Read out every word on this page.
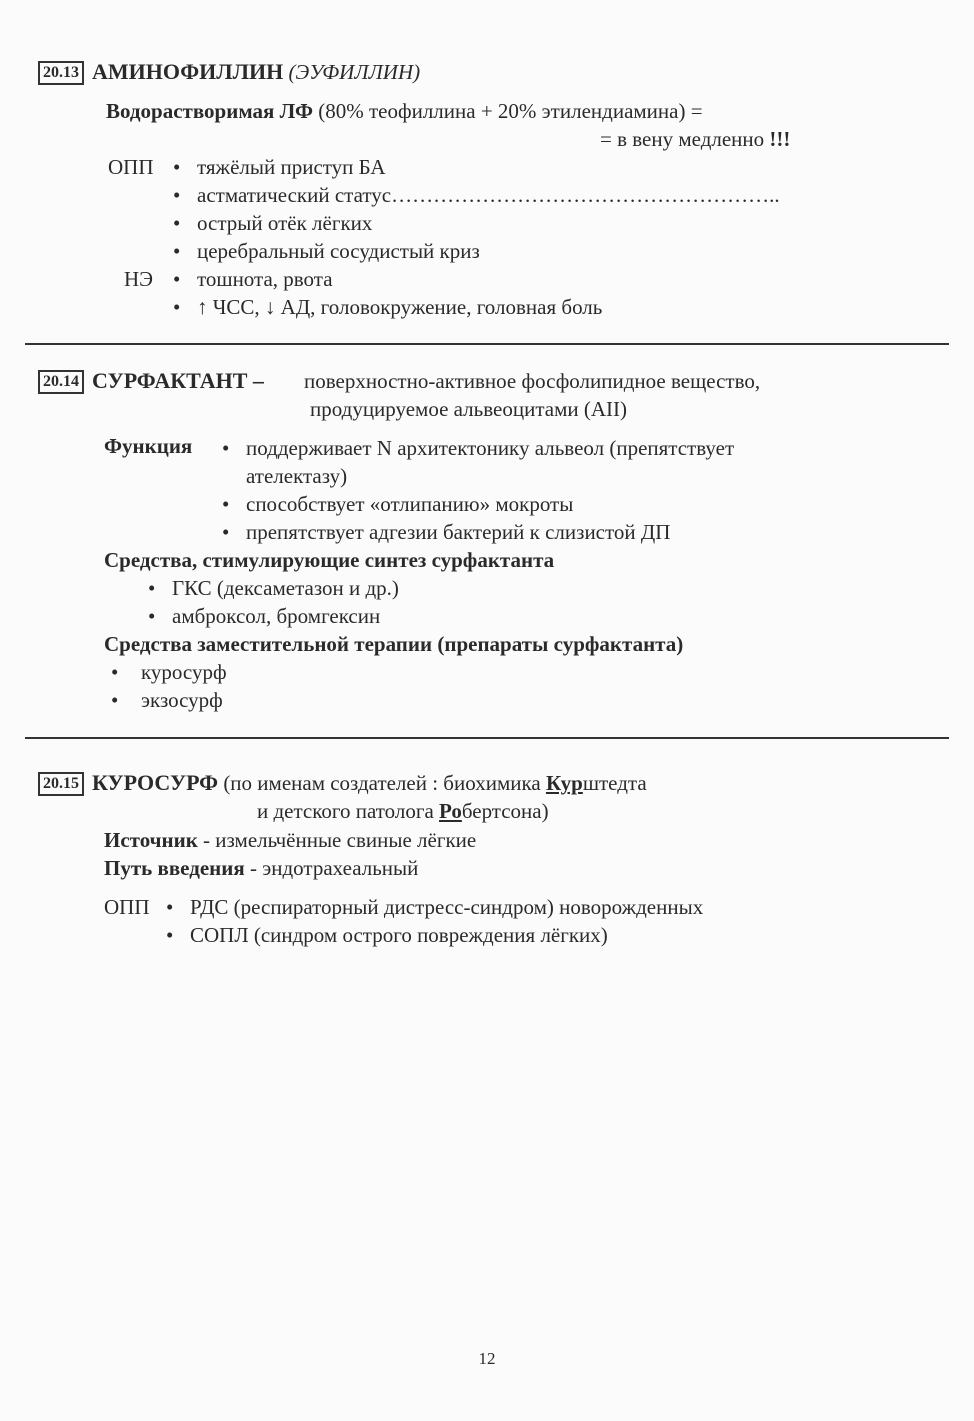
20.13 АМИНОФИЛЛИН (ЭУФИЛЛИН)
Водорастворимая ЛФ (80% теофиллина + 20% этилендиамина) =
= в вену медленно !!!
ОПП • тяжёлый приступ БА
• астматический статус………………………………………………..
• острый отёк лёгких
• церебральный сосудистый криз
НЭ • тошнота, рвота
• ↑ ЧСС, ↓ АД, головокружение, головная боль
20.14 СУРФАКТАНТ – поверхностно-активное фосфолипидное вещество,
продуцируемое альвеоцитами (AII)
Функция • поддерживает N архитектонику альвеол (препятствует
ателектазу)
• способствует «отлипанию» мокроты
• препятствует адгезии бактерий к слизистой ДП
Средства, стимулирующие синтез сурфактанта
• ГКС (дексаметазон и др.)
• амброксол, бромгексин
Средства заместительной терапии (препараты сурфактанта)
• куросурф
• экзосурф
20.15 КУРОСУРФ (по именам создателей : биохимика Курштедта
и детского патолога Робертсона)
Источник - измельчённые свиные лёгкие
Путь введения - эндотрахеальный
ОПП • РДС (респираторный дистресс-синдром) новорожденных
• СОПЛ (синдром острого повреждения лёгких)
12
